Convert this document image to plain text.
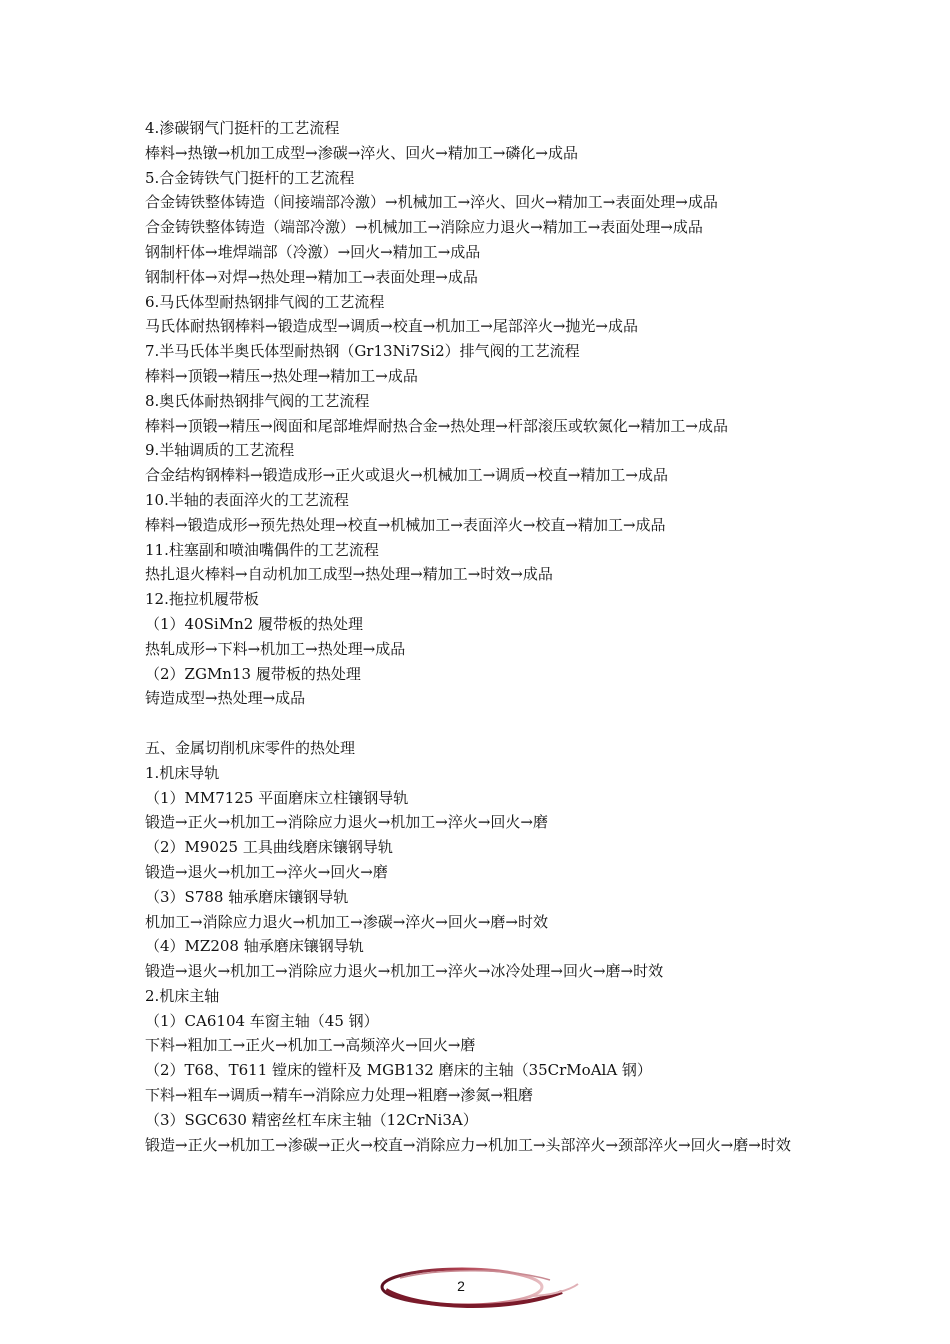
4.渗碳钢气门挺杆的工艺流程
棒料→热镦→机加工成型→渗碳→淬火、回火→精加工→磷化→成品
5.合金铸铁气门挺杆的工艺流程
合金铸铁整体铸造（间接端部冷激）→机械加工→淬火、回火→精加工→表面处理→成品
合金铸铁整体铸造（端部冷激）→机械加工→消除应力退火→精加工→表面处理→成品
钢制杆体→堆焊端部（冷激）→回火→精加工→成品
钢制杆体→对焊→热处理→精加工→表面处理→成品
6.马氏体型耐热钢排气阀的工艺流程
马氏体耐热钢棒料→锻造成型→调质→校直→机加工→尾部淬火→抛光→成品
7.半马氏体半奥氏体型耐热钢（Gr13Ni7Si2）排气阀的工艺流程
棒料→顶锻→精压→热处理→精加工→成品
8.奥氏体耐热钢排气阀的工艺流程
棒料→顶锻→精压→阀面和尾部堆焊耐热合金→热处理→杆部滚压或软氮化→精加工→成品
9.半轴调质的工艺流程
合金结构钢棒料→锻造成形→正火或退火→机械加工→调质→校直→精加工→成品
10.半轴的表面淬火的工艺流程
棒料→锻造成形→预先热处理→校直→机械加工→表面淬火→校直→精加工→成品
11.柱塞副和喷油嘴偶件的工艺流程
热扎退火棒料→自动机加工成型→热处理→精加工→时效→成品
12.拖拉机履带板
（1）40SiMn2 履带板的热处理
热轧成形→下料→机加工→热处理→成品
（2）ZGMn13 履带板的热处理
铸造成型→热处理→成品
五、金属切削机床零件的热处理
1.机床导轨
（1）MM7125 平面磨床立柱镶钢导轨
锻造→正火→机加工→消除应力退火→机加工→淬火→回火→磨
（2）M9025 工具曲线磨床镶钢导轨
锻造→退火→机加工→淬火→回火→磨
（3）S788 轴承磨床镶钢导轨
机加工→消除应力退火→机加工→渗碳→淬火→回火→磨→时效
（4）MZ208 轴承磨床镶钢导轨
锻造→退火→机加工→消除应力退火→机加工→淬火→冰冷处理→回火→磨→时效
2.机床主轴
（1）CA6104 车窗主轴（45 钢）
下料→粗加工→正火→机加工→高频淬火→回火→磨
（2）T68、T611 镗床的镗杆及 MGB132 磨床的主轴（35CrMoAlA 钢）
下料→粗车→调质→精车→消除应力处理→粗磨→渗氮→粗磨
（3）SGC630 精密丝杠车床主轴（12CrNi3A）
锻造→正火→机加工→渗碳→正火→校直→消除应力→机加工→头部淬火→颈部淬火→回火→磨→时效
2
